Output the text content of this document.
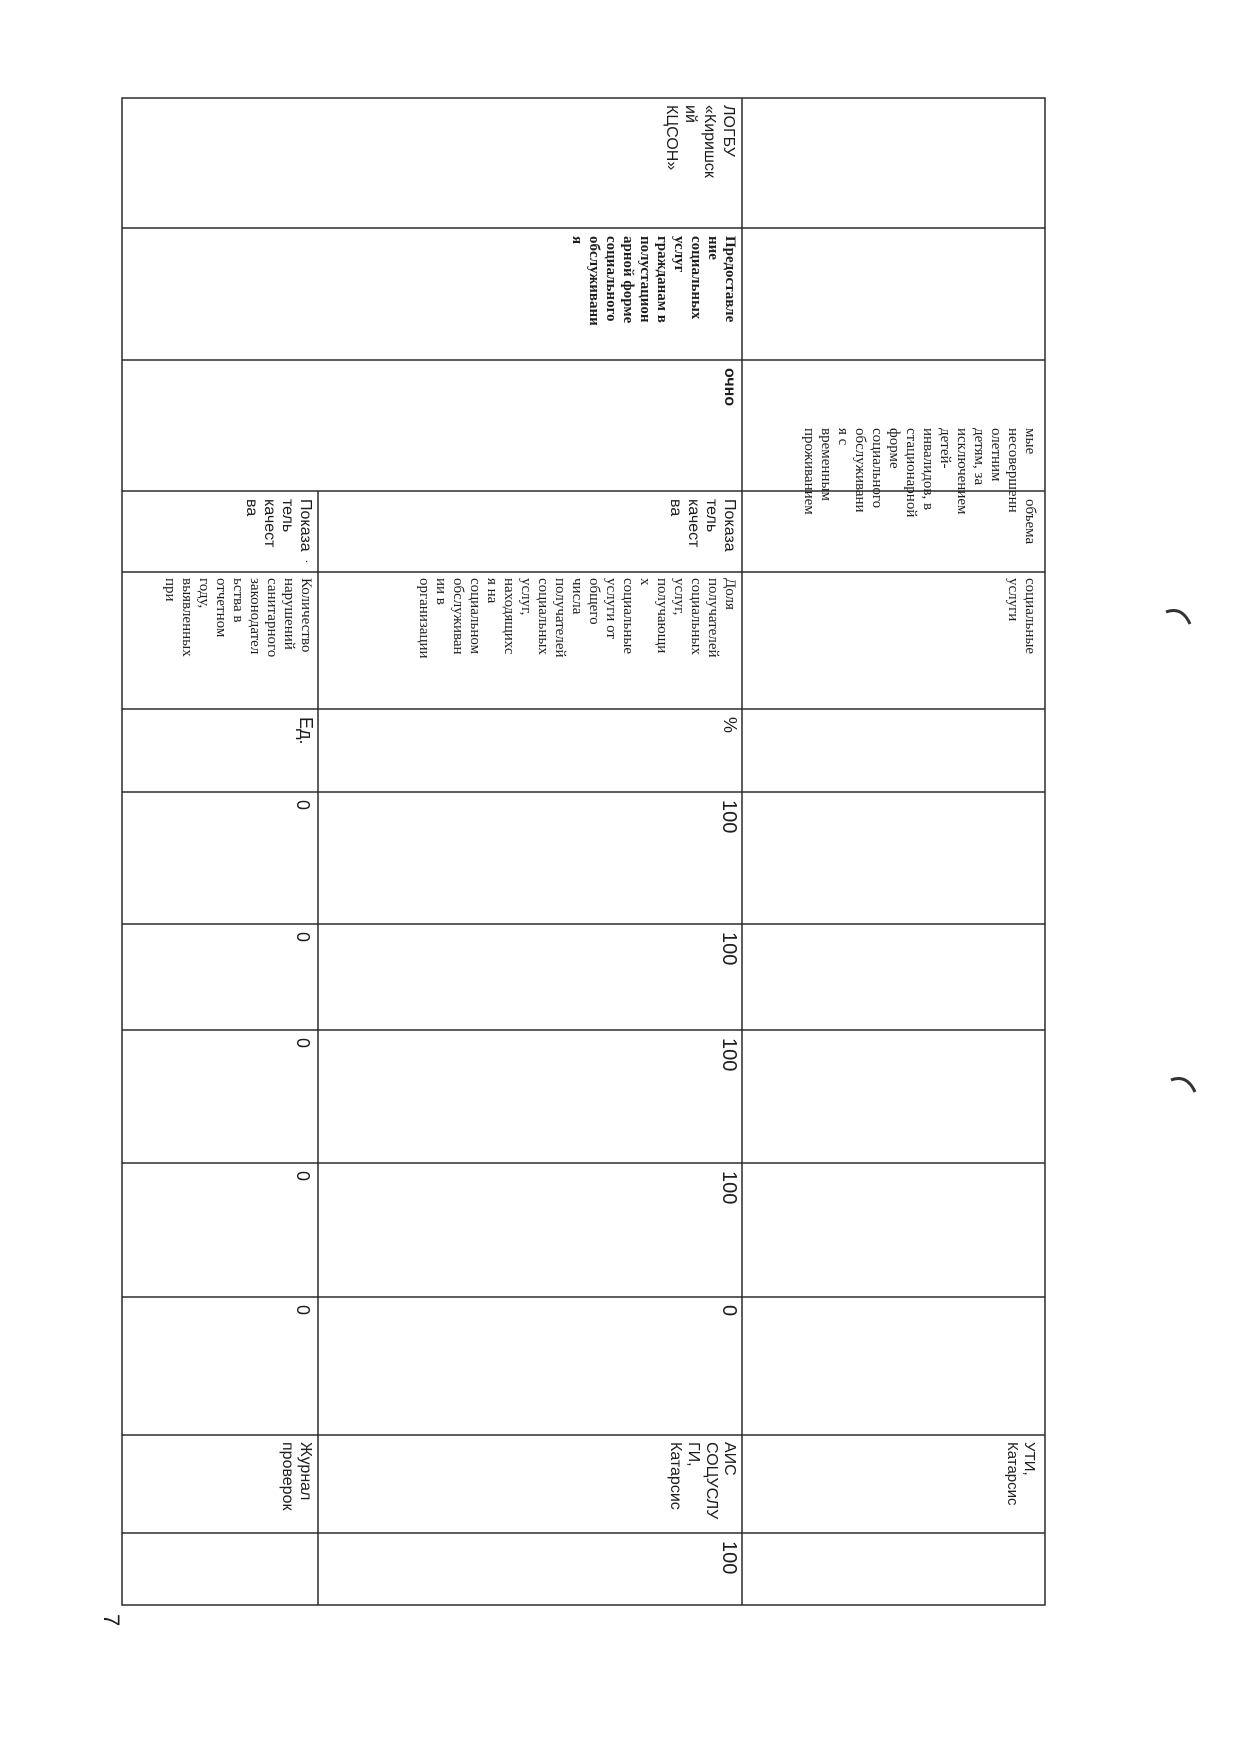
мые
несовершенн
олетним
детям, за
исключением
детей-
инвалидов, в
стационарной
форме
социального
обслуживани
я с
временным
проживанием
объема
социальные
услуги
УТИ,
Катарсис
ЛОГБУ
«Киришск
ий
КЦСОН»
Предоставле
ние
социальных
услуг
гражданам в
полустацион
арной форме
социального
обслуживани
я
очно
Показа
тель
качест
ва
Доля
получателей
социальных
услуг,
получающи
х
социальные
услуги от
общего
числа
получателей
социальных
услуг,
находящихс
я на
социальном
обслуживан
ии в
организации
%
100
100
100
100
0
АИС
СОЦУСЛУ
ГИ,
Катарсис
100
Показа
тель
качест
ва
Количество
нарушений
санитарного
законодател
ьства в
отчетном
году,
выявленных
при
.
Ед.
0
0
0
0
0
Журнал
проверок
7
